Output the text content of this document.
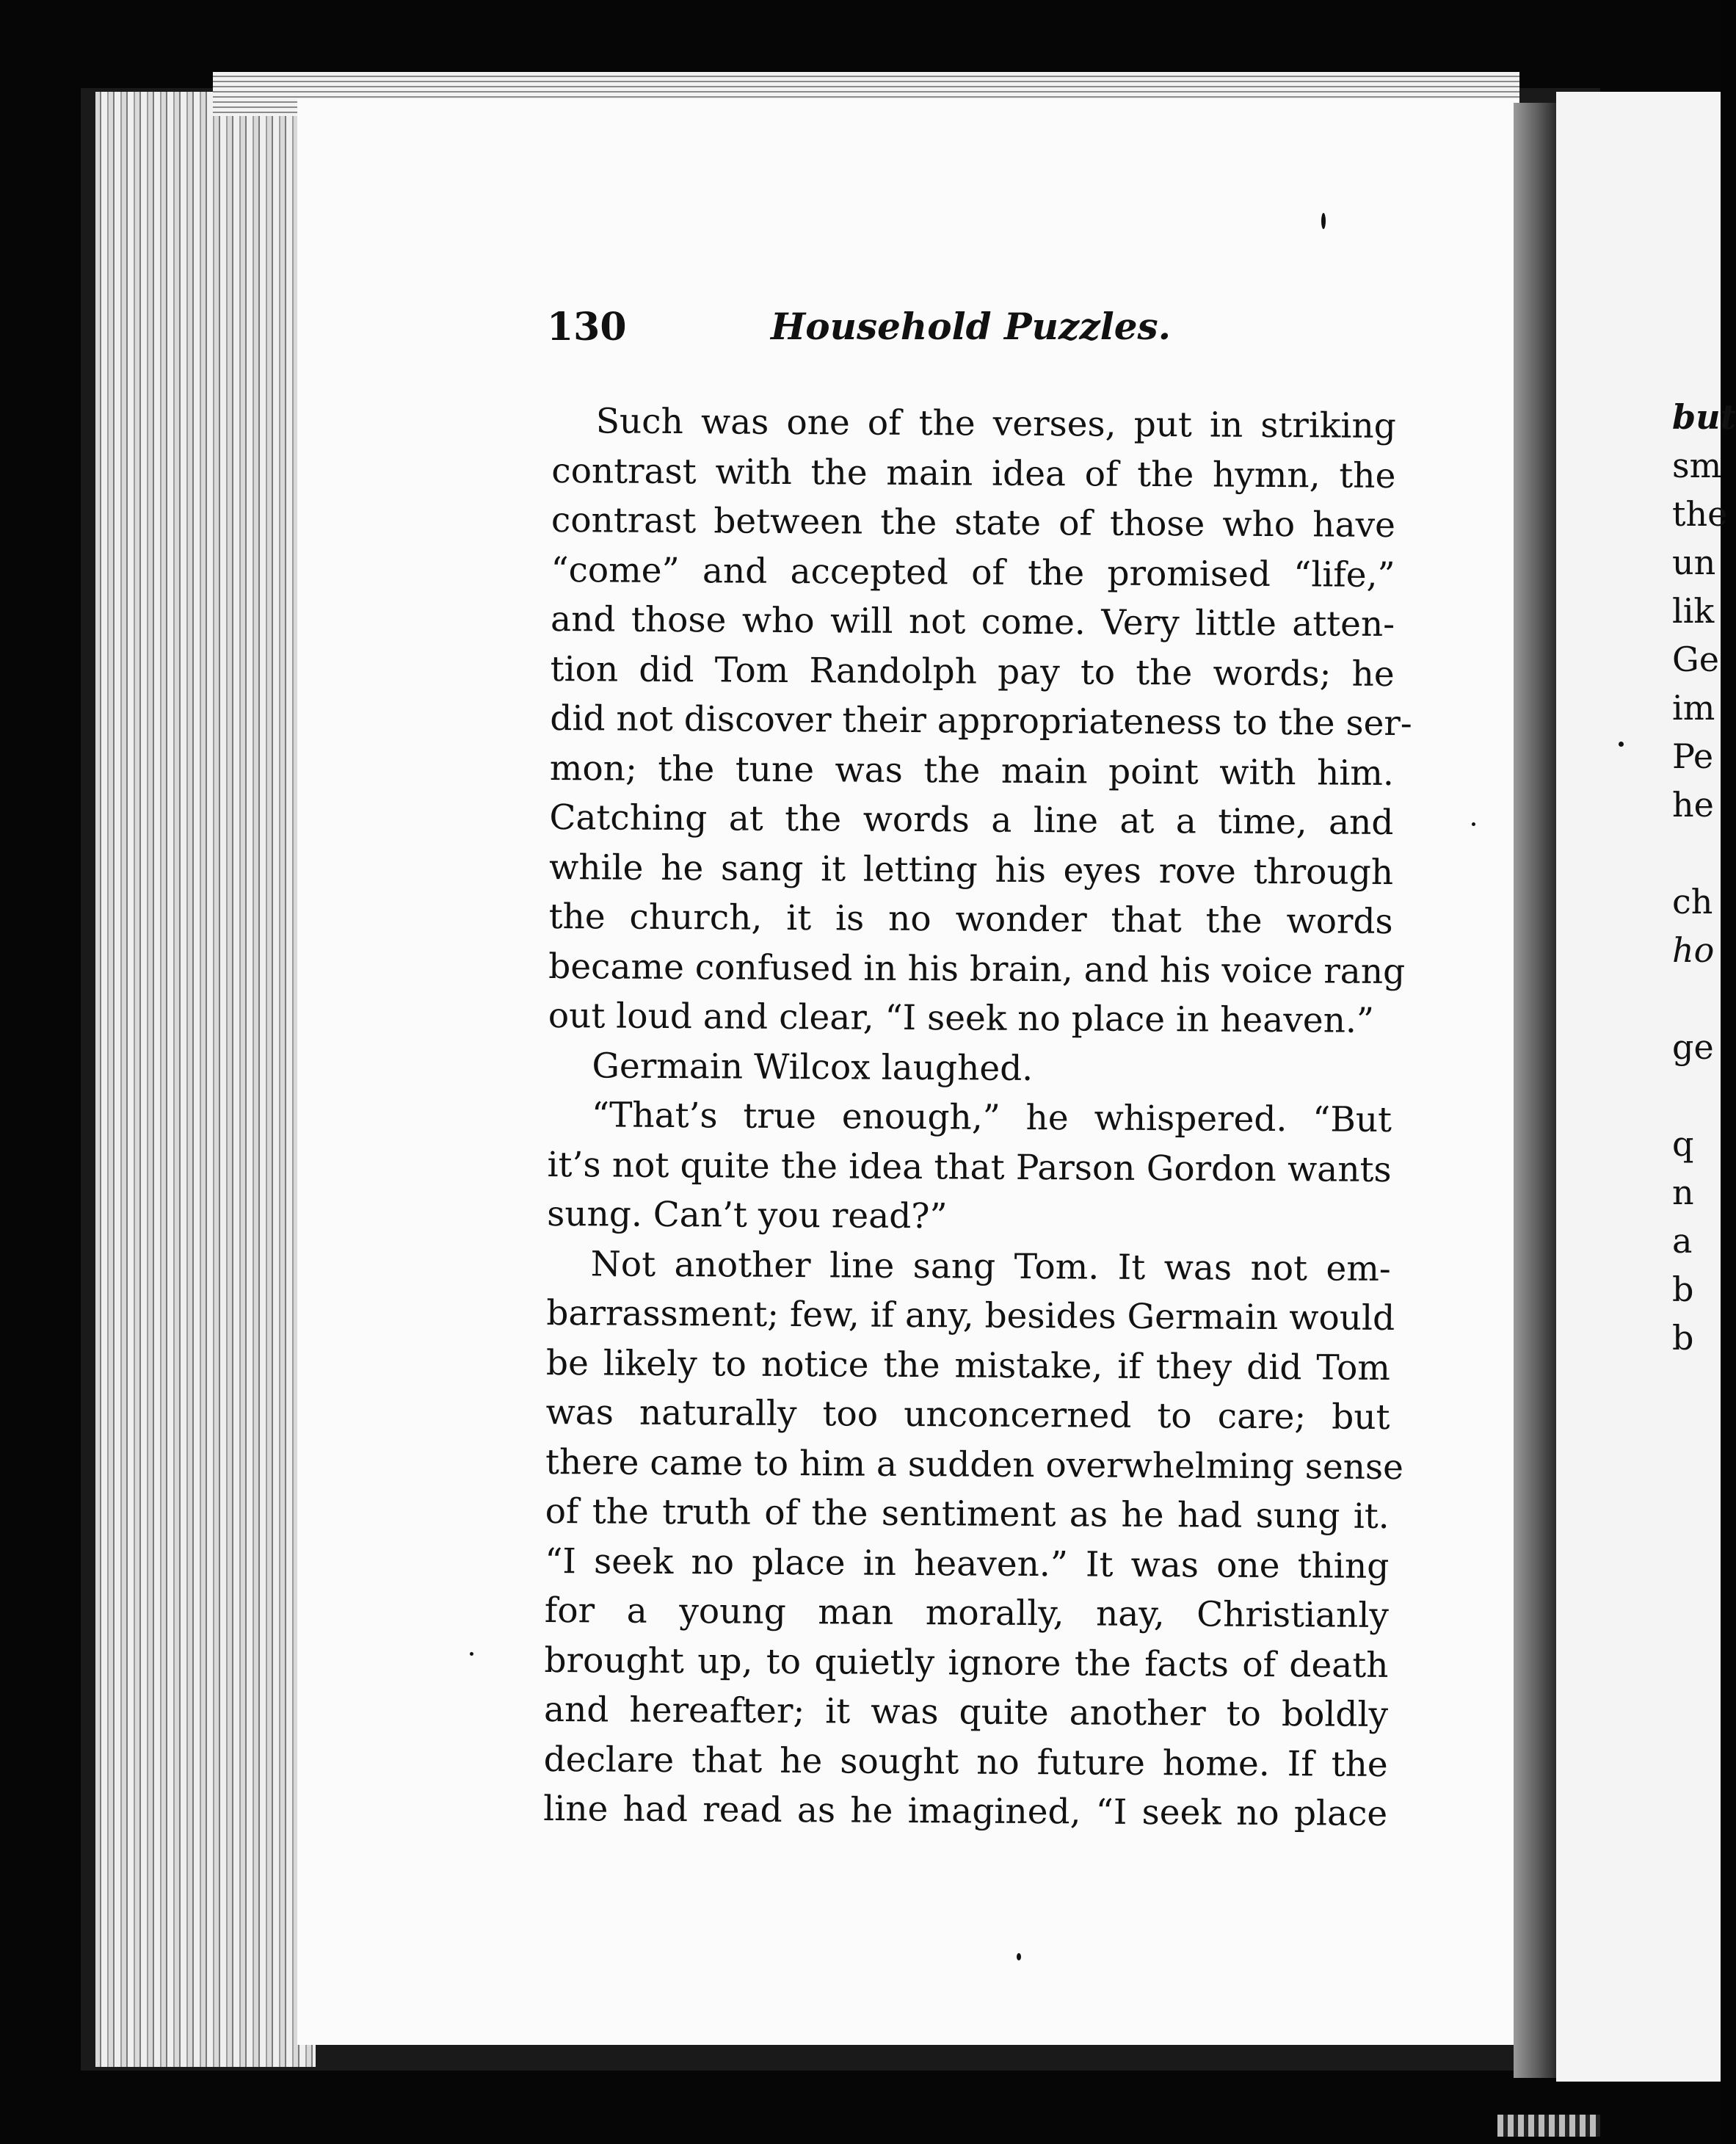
but
sm
the
un
lik
Ge
im
Pe
he
ch
ho
ge
q
n
a
b
b
130	Household Puzzles.
Such was one of the verses, put in striking
contrast with the main idea of the hymn, the
contrast between the state of those who have
“come” and accepted of the promised “life,”
and those who will not come. Very little atten-
tion did Tom Randolph pay to the words; he
did not discover their appropriateness to the ser-
mon; the tune was the main point with him.
Catching at the words a line at a time, and
while he sang it letting his eyes rove through
the church, it is no wonder that the words
became confused in his brain, and his voice rang
out loud and clear, “I seek no place in heaven.”
Germain Wilcox laughed.
“That’s true enough,” he whispered. “But
it’s not quite the idea that Parson Gordon wants
sung. Can’t you read?”
Not another line sang Tom. It was not em-
barrassment; few, if any, besides Germain would
be likely to notice the mistake, if they did Tom
was naturally too unconcerned to care; but
there came to him a sudden overwhelming sense
of the truth of the sentiment as he had sung it.
“I seek no place in heaven.” It was one thing
for a young man morally, nay, Christianly
brought up, to quietly ignore the facts of death
and hereafter; it was quite another to boldly
declare that he sought no future home. If the
line had read as he imagined, “I seek no place
